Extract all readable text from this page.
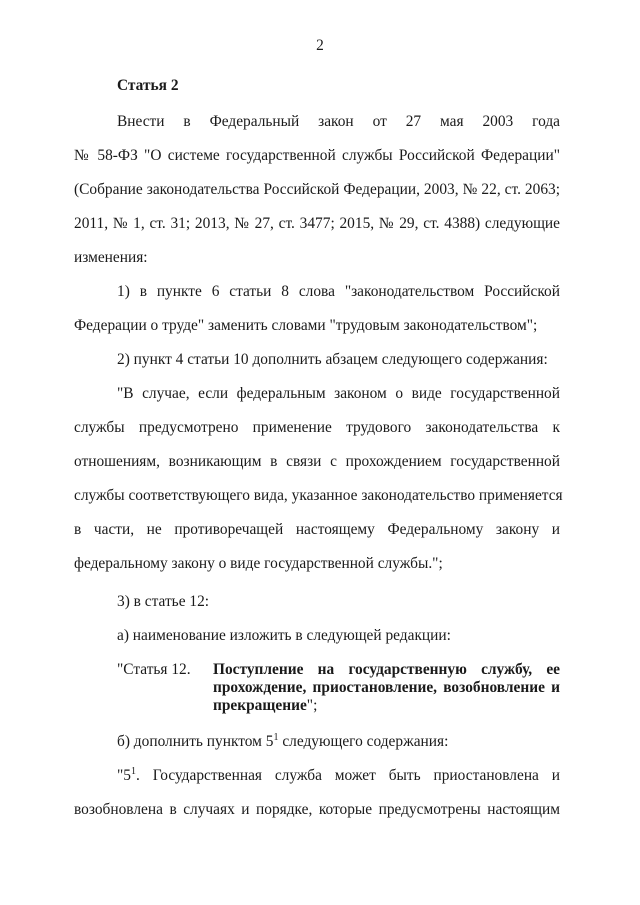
2
Статья 2
Внести в Федеральный закон от 27 мая 2003 года
№ 58-ФЗ "О системе государственной службы Российской Федерации"
(Собрание законодательства Российской Федерации, 2003, № 22, ст. 2063;
2011, № 1, ст. 31; 2013, № 27, ст. 3477; 2015, № 29, ст. 4388) следующие
изменения:
1) в пункте 6 статьи 8 слова "законодательством Российской
Федерации о труде" заменить словами "трудовым законодательством";
2) пункт 4 статьи 10 дополнить абзацем следующего содержания:
"В случае, если федеральным законом о виде государственной
службы предусмотрено применение трудового законодательства к
отношениям, возникающим в связи с прохождением государственной
службы соответствующего вида, указанное законодательство применяется
в части, не противоречащей настоящему Федеральному закону и
федеральному закону о виде государственной службы.";
3) в статье 12:
а) наименование изложить в следующей редакции:
"Статья 12. Поступление на государственную службу, ее прохождение, приостановление, возобновление и прекращение";
б) дополнить пунктом $5^1$ следующего содержания:
"$5^1$. Государственная служба может быть приостановлена и
возобновлена в случаях и порядке, которые предусмотрены настоящим
